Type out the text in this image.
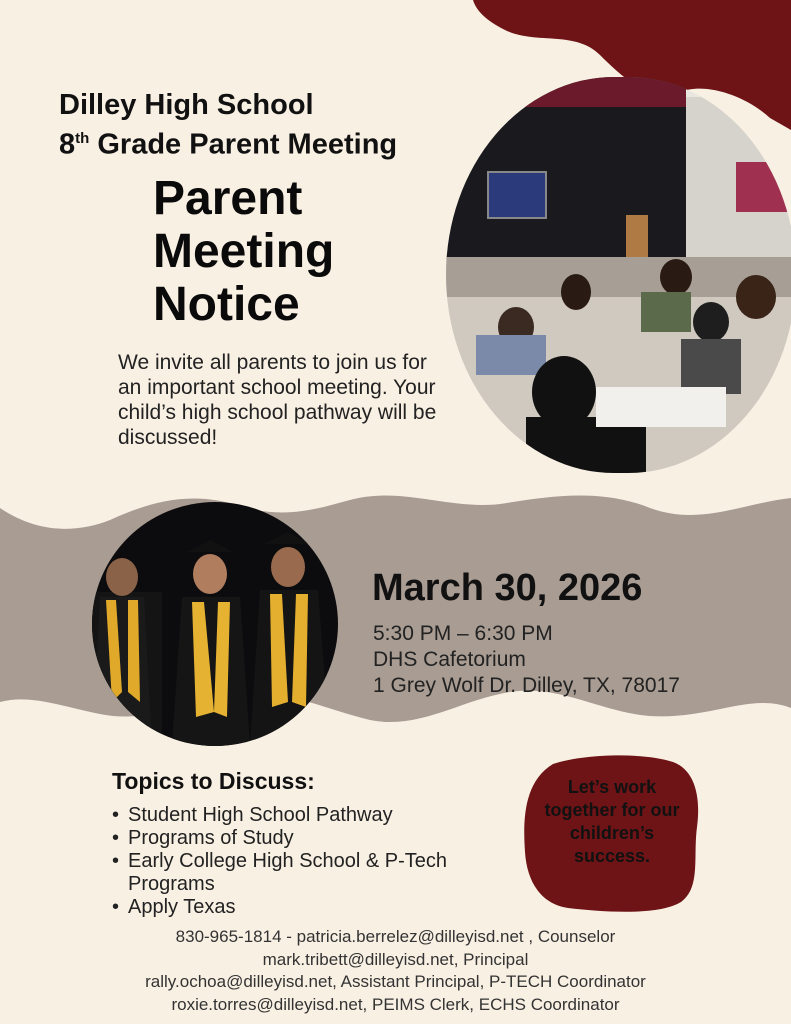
Dilley High School
8th Grade Parent Meeting
Parent
Meeting
Notice
We invite all parents to join us for an important school meeting. Your child’s high school pathway will be discussed!
March 30, 2026
5:30 PM – 6:30 PM
DHS Cafetorium
1 Grey Wolf Dr. Dilley, TX, 78017
Topics to Discuss:
• Student High School Pathway
• Programs of Study
• Early College High School & P-Tech Programs
• Apply Texas
Let’s work together for our children’s success.
830-965-1814 - patricia.berrelez@dilleyisd.net , Counselor
mark.tribett@dilleyisd.net, Principal
rally.ochoa@dilleyisd.net, Assistant Principal, P-TECH Coordinator
roxie.torres@dilleyisd.net, PEIMS Clerk, ECHS Coordinator
